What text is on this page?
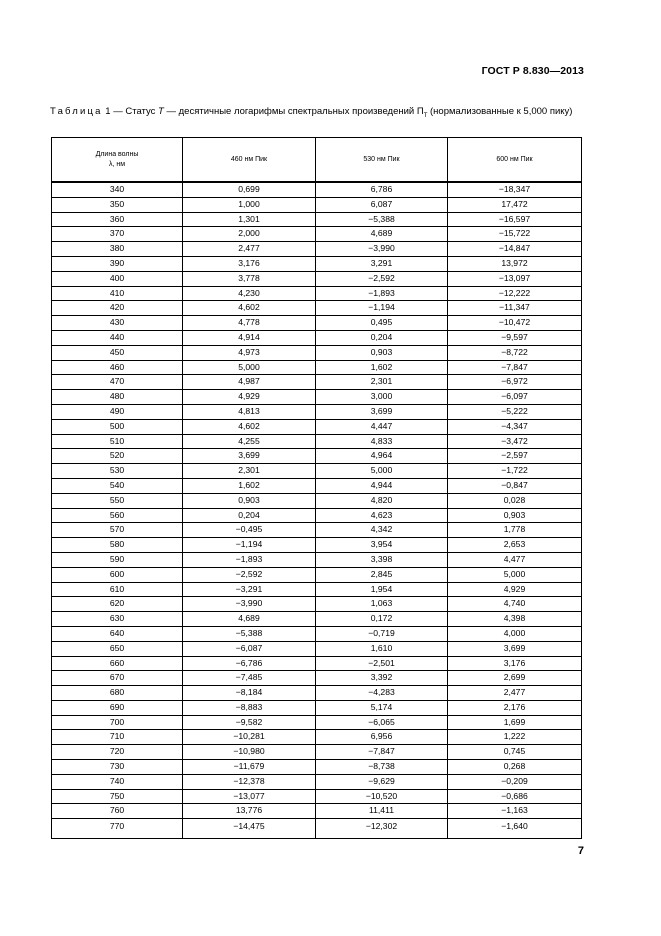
ГОСТ Р 8.830—2013
Таблица 1 — Статус T — десятичные логарифмы спектральных произведений $П_T$ (нормализованные к 5,000 пику)
Длина волны
λ, нм	460 нм Пик	530 нм Пик	600 нм Пик
340	0,699	6,786	−18,347
350	1,000	6,087	17,472
360	1,301	−5,388	−16,597
370	2,000	4,689	−15,722
380	2,477	−3,990	−14,847
390	3,176	3,291	13,972
400	3,778	−2,592	−13,097
410	4,230	−1,893	−12,222
420	4,602	−1,194	−11,347
430	4,778	0,495	−10,472
440	4,914	0,204	−9,597
450	4,973	0,903	−8,722
460	5,000	1,602	−7,847
470	4,987	2,301	−6,972
480	4,929	3,000	−6,097
490	4,813	3,699	−5,222
500	4,602	4,447	−4,347
510	4,255	4,833	−3,472
520	3,699	4,964	−2,597
530	2,301	5,000	−1,722
540	1,602	4,944	−0,847
550	0,903	4,820	0,028
560	0,204	4,623	0,903
570	−0,495	4,342	1,778
580	−1,194	3,954	2,653
590	−1,893	3,398	4,477
600	−2,592	2,845	5,000
610	−3,291	1,954	4,929
620	−3,990	1,063	4,740
630	4,689	0,172	4,398
640	−5,388	−0,719	4,000
650	−6,087	1,610	3,699
660	−6,786	−2,501	3,176
670	−7,485	3,392	2,699
680	−8,184	−4,283	2,477
690	−8,883	5,174	2,176
700	−9,582	−6,065	1,699
710	−10,281	6,956	1,222
720	−10,980	−7,847	0,745
730	−11,679	−8,738	0,268
740	−12,378	−9,629	−0,209
750	−13,077	−10,520	−0,686
760	13,776	11,411	−1,163
770	−14,475	−12,302	−1,640
7
